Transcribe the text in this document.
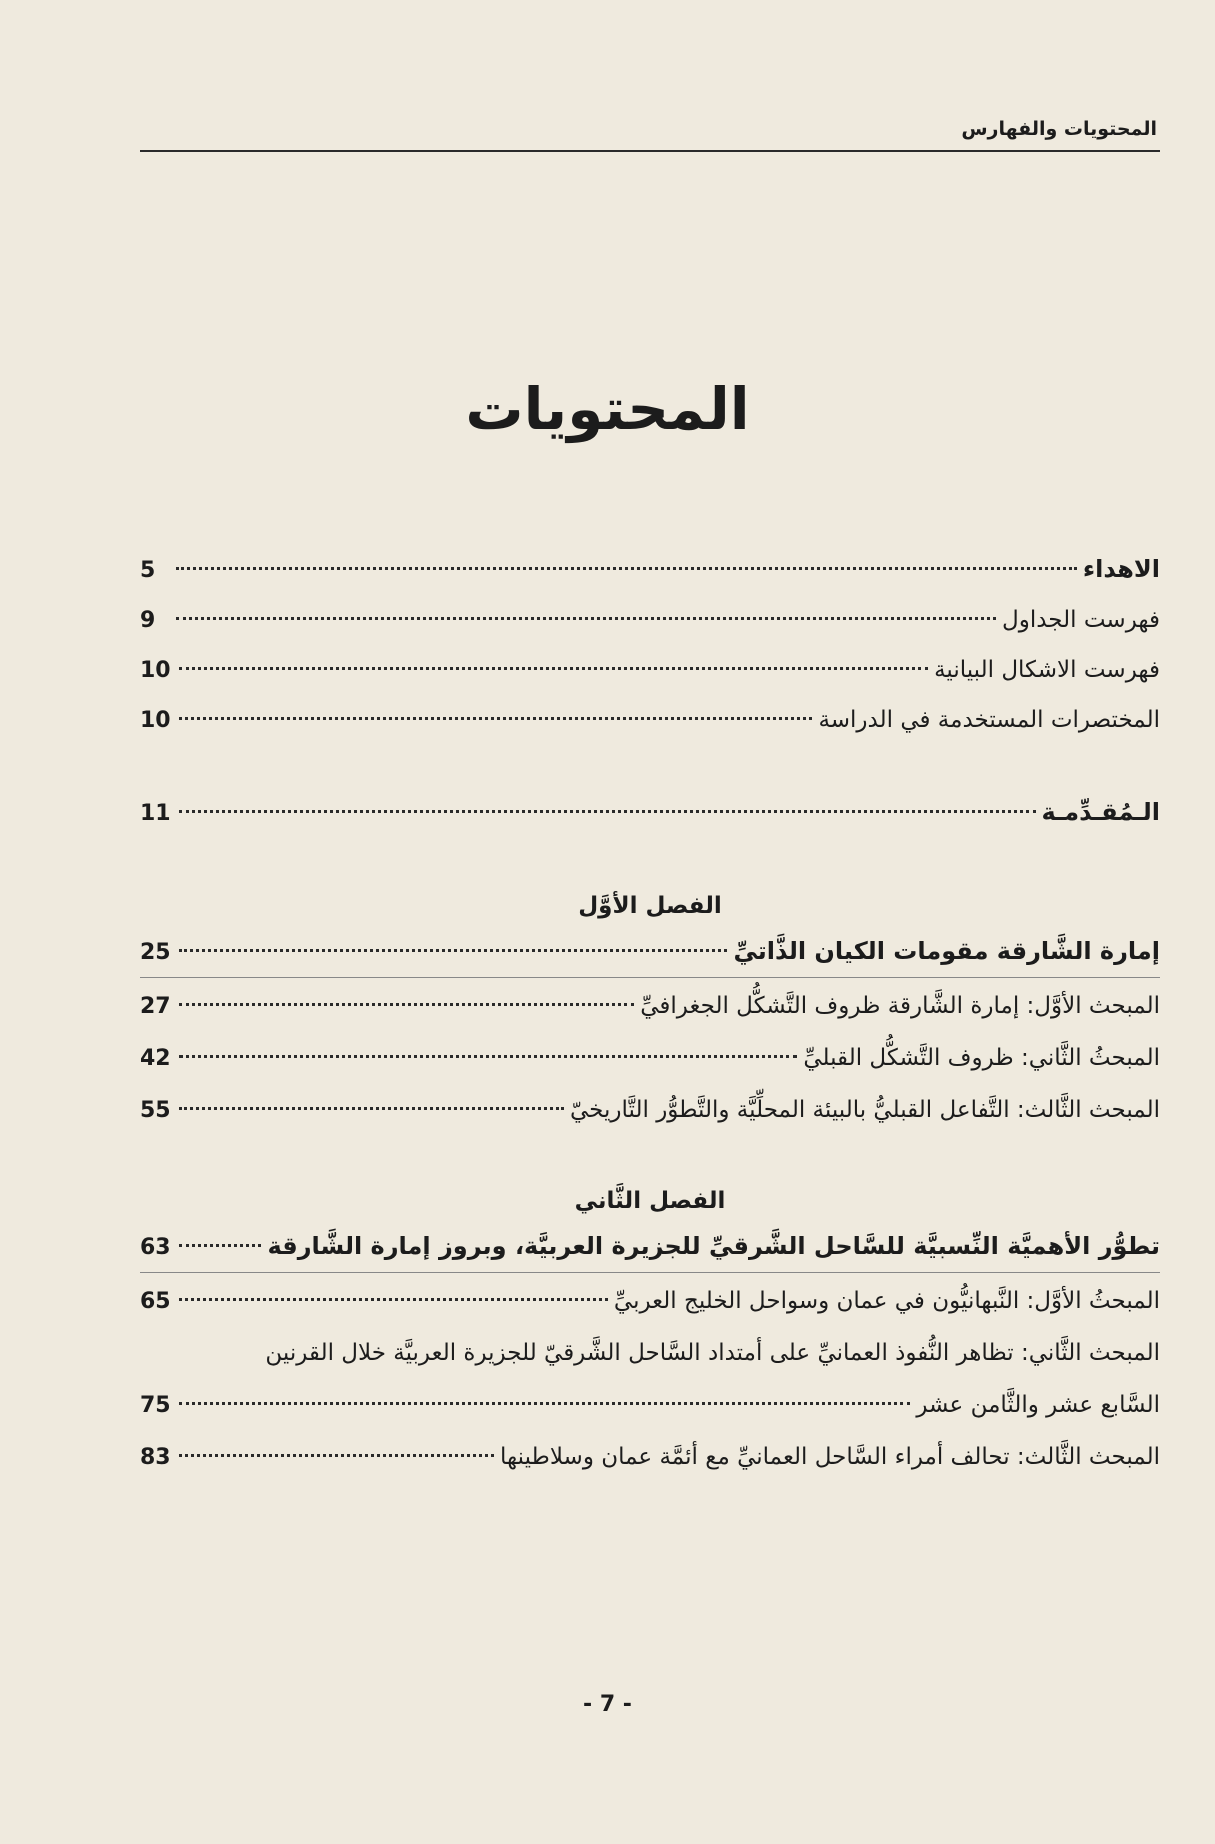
المحتويات والفهارس
المحتويات
الاهداء
5
فهرست الجداول
9
فهرست الاشكال البيانية
10
المختصرات المستخدمة في الدراسة
10
الـمُقـدِّمـة
11
الفصل الأوَّل
إمارة الشَّارقة مقومات الكيان الذَّاتيِّ
25
المبحث الأوَّل: إمارة الشَّارقة ظروف التَّشكُّل الجغرافيِّ
27
المبحثُ الثَّاني: ظروف التَّشكُّل القبليِّ
42
المبحث الثَّالث: التَّفاعل القبليُّ بالبيئة المحلِّيَّة والتَّطوُّر التَّاريخيّ
55
الفصل الثَّاني
تطوُّر الأهميَّة النِّسبيَّة للسَّاحل الشَّرقيِّ للجزيرة العربيَّة، وبروز إمارة الشَّارقة
63
المبحثُ الأوَّل: النَّبهانيُّون في عمان وسواحل الخليج العربيِّ
65
المبحث الثَّاني: تظاهر النُّفوذ العمانيِّ على أمتداد السَّاحل الشَّرقيّ للجزيرة العربيَّة خلال القرنين
السَّابع عشر والثَّامن عشر
75
المبحث الثَّالث: تحالف أمراء السَّاحل العمانيِّ مع أئمَّة عمان وسلاطينها
83
- 7 -
